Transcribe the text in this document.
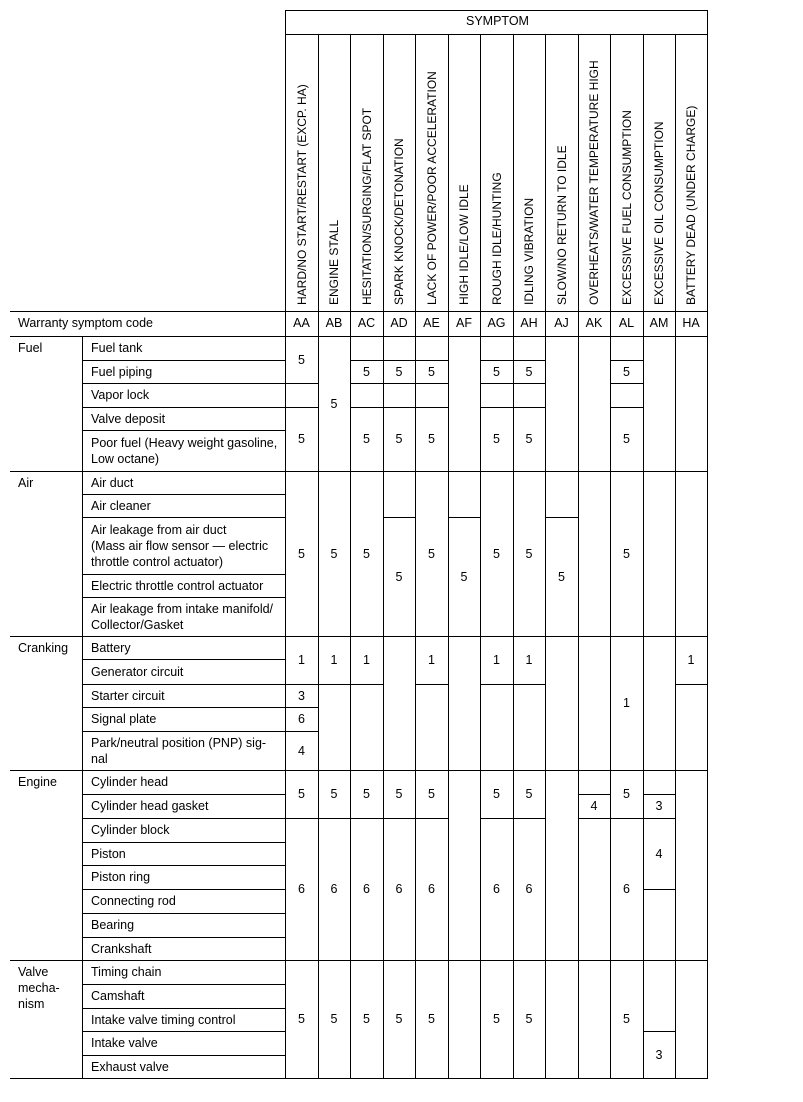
SYMPTOM
Warranty symptom code
HARD/NO START/RESTART (EXCP. HA)
AA
ENGINE STALL
AB
HESITATION/SURGING/FLAT SPOT
AC
SPARK KNOCK/DETONATION
AD
LACK OF POWER/POOR ACCELERATION
AE
HIGH IDLE/LOW IDLE
AF
ROUGH IDLE/HUNTING
AG
IDLING VIBRATION
AH
SLOW/NO RETURN TO IDLE
AJ
OVERHEATS/WATER TEMPERATURE HIGH
AK
EXCESSIVE FUEL CONSUMPTION
AL
EXCESSIVE OIL CONSUMPTION
AM
BATTERY DEAD (UNDER CHARGE)
HA
Fuel
Air
Cranking
Engine
Valve
mecha-
nism
Fuel tank
Fuel piping
Vapor lock
Valve deposit
Poor fuel (Heavy weight gasoline,
Low octane)
Air duct
Air cleaner
Air leakage from air duct
(Mass air flow sensor — electric
throttle control actuator)
Electric throttle control actuator
Air leakage from intake manifold/
Collector/Gasket
Battery
Generator circuit
Starter circuit
Signal plate
Park/neutral position (PNP) sig-
nal
Cylinder head
Cylinder head gasket
Cylinder block
Piston
Piston ring
Connecting rod
Bearing
Crankshaft
Timing chain
Camshaft
Intake valve timing control
Intake valve
Exhaust valve
5
5
5
1
3
6
4
5
6
5
5
5
1
5
6
5
5
5
5
1
5
6
5
5
5
5
5
6
5
5
5
5
1
5
6
5
5
5
5
5
1
5
6
5
5
5
5
1
5
6
5
5
4
5
5
5
1
5
6
5
3
4
3
1
